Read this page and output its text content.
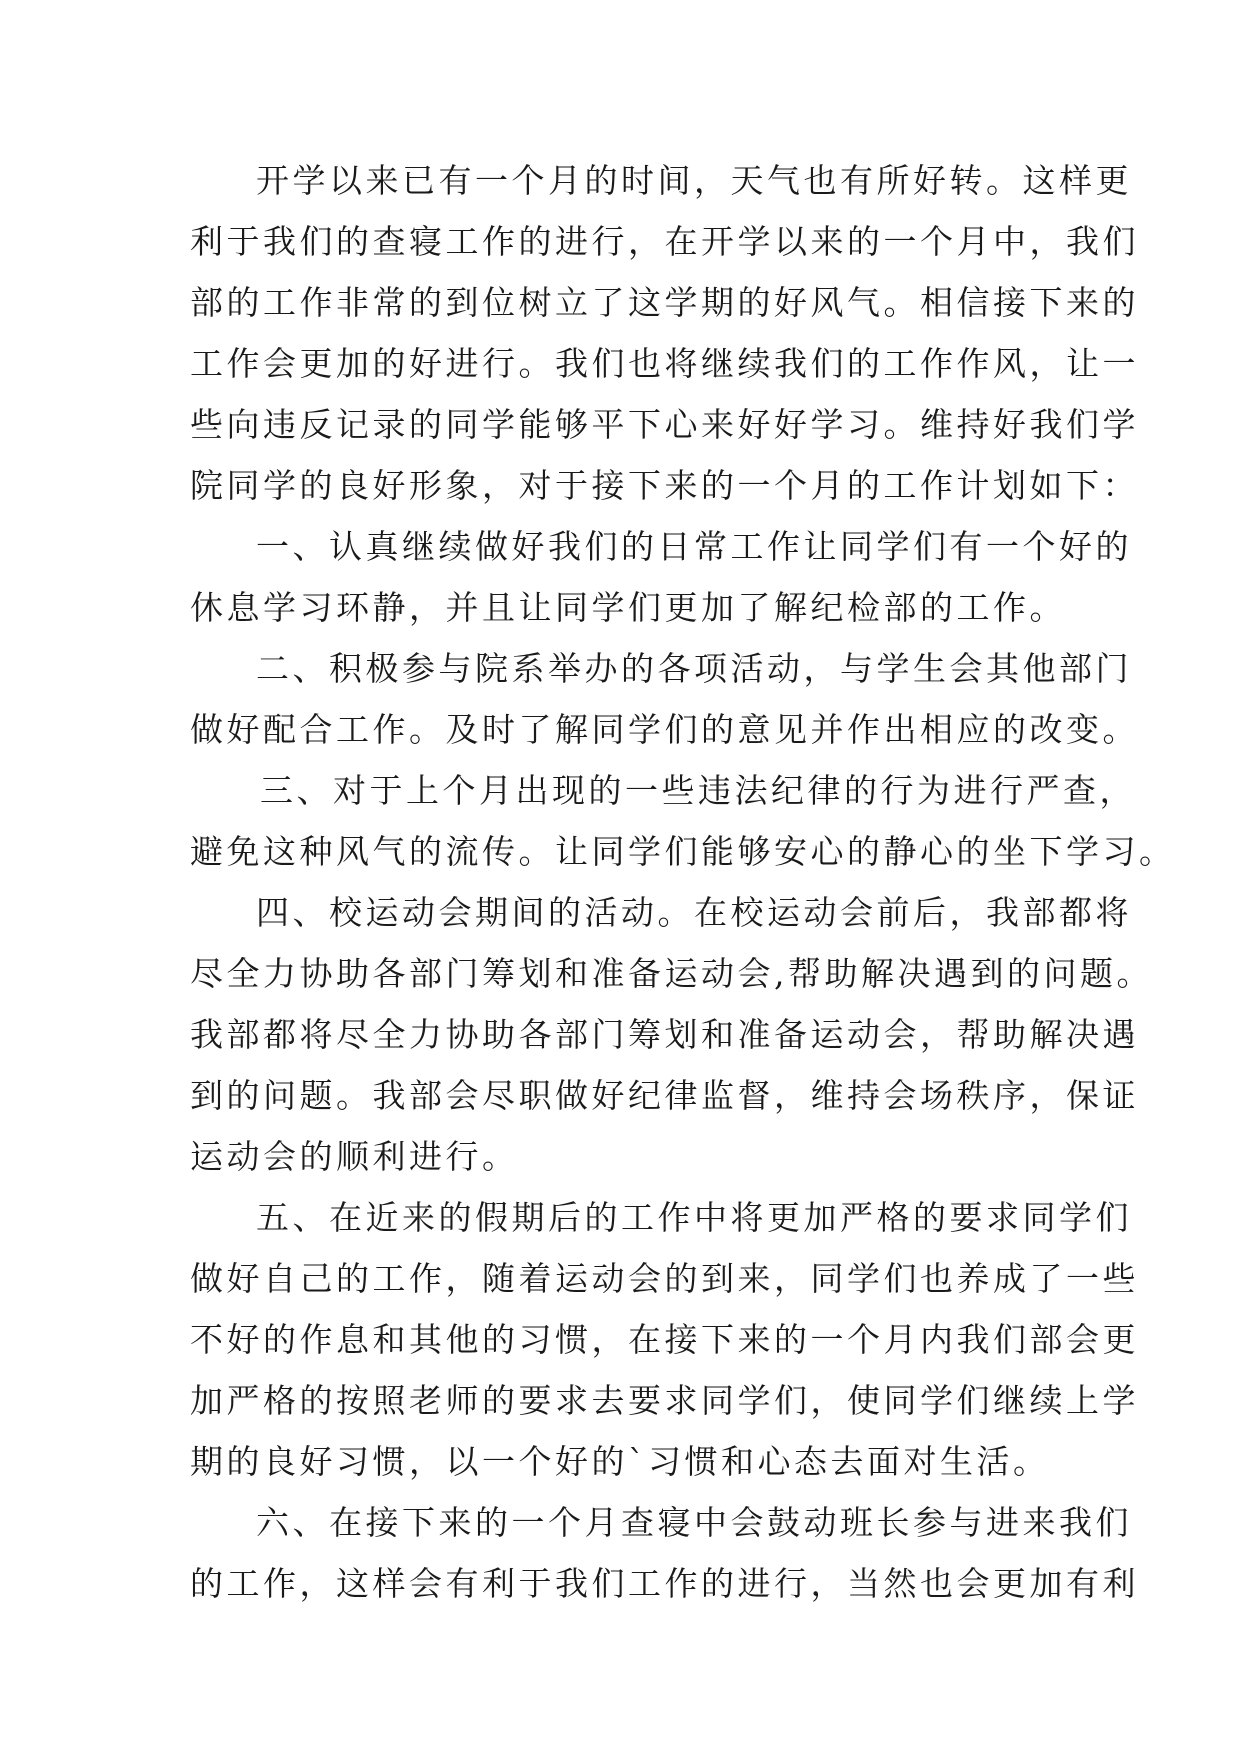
开学以来已有一个月的时间，天气也有所好转。这样更
利于我们的查寝工作的进行，在开学以来的一个月中，我们
部的工作非常的到位树立了这学期的好风气。相信接下来的
工作会更加的好进行。我们也将继续我们的工作作风，让一
些向违反记录的同学能够平下心来好好学习。维持好我们学
院同学的良好形象，对于接下来的一个月的工作计划如下：
一、认真继续做好我们的日常工作让同学们有一个好的
休息学习环静，并且让同学们更加了解纪检部的工作。
二、积极参与院系举办的各项活动，与学生会其他部门
做好配合工作。及时了解同学们的意见并作出相应的改变。
三、对于上个月出现的一些违法纪律的行为进行严查，
避免这种风气的流传。让同学们能够安心的静心的坐下学习。
四、校运动会期间的活动。在校运动会前后，我部都将
尽全力协助各部门筹划和准备运动会,帮助解决遇到的问题。
我部都将尽全力协助各部门筹划和准备运动会，帮助解决遇
到的问题。我部会尽职做好纪律监督，维持会场秩序，保证
运动会的顺利进行。
五、在近来的假期后的工作中将更加严格的要求同学们
做好自己的工作，随着运动会的到来，同学们也养成了一些
不好的作息和其他的习惯，在接下来的一个月内我们部会更
加严格的按照老师的要求去要求同学们，使同学们继续上学
期的良好习惯，以一个好的`习惯和心态去面对生活。
六、在接下来的一个月查寝中会鼓动班长参与进来我们
的工作，这样会有利于我们工作的进行，当然也会更加有利
